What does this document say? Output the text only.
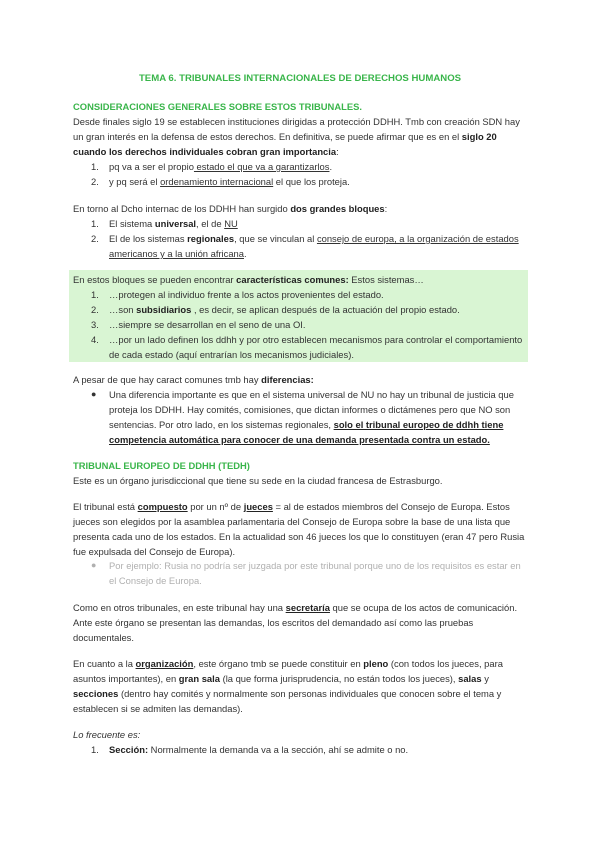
TEMA 6. TRIBUNALES INTERNACIONALES DE DERECHOS HUMANOS
CONSIDERACIONES GENERALES SOBRE ESTOS TRIBUNALES.
Desde finales siglo 19 se establecen instituciones dirigidas a protección DDHH. Tmb con creación SDN hay un gran interés en la defensa de estos derechos. En definitiva, se puede afirmar que es en el siglo 20 cuando los derechos individuales cobran gran importancia:
1.	pq va a ser el propio estado el que va a garantizarlos.
2.	y pq será el ordenamiento internacional el que los proteja.
En torno al Dcho internac de los DDHH han surgido dos grandes bloques:
1.	El sistema universal, el de NU
2.	El de los sistemas regionales, que se vinculan al consejo de europa, a la organización de estados americanos y a la unión africana.
En estos bloques se pueden encontrar características comunes: Estos sistemas…
1.	…protegen al individuo frente a los actos provenientes del estado.
2.	…son subsidiarios , es decir, se aplican después de la actuación del propio estado.
3.	…siempre se desarrollan en el seno de una OI.
4.	…por un lado definen los ddhh y por otro establecen mecanismos para controlar el comportamiento de cada estado (aquí entrarían los mecanismos judiciales).
A pesar de que hay caract comunes tmb hay diferencias:
●	Una diferencia importante es que en el sistema universal de NU no hay un tribunal de justicia que proteja los DDHH. Hay comités, comisiones, que dictan informes o dictámenes pero que NO son sentencias. Por otro lado, en los sistemas regionales, solo el tribunal europeo de ddhh tiene competencia automática para conocer de una demanda presentada contra un estado.
TRIBUNAL EUROPEO DE DDHH (TEDH)
Este es un órgano jurisdiccional que tiene su sede en la ciudad francesa de Estrasburgo.
El tribunal está compuesto por un nº de jueces = al de estados miembros del Consejo de Europa. Estos jueces son elegidos por la asamblea parlamentaria del Consejo de Europa sobre la base de una lista que presenta cada uno de los estados. En la actualidad son 46 jueces los que lo constituyen (eran 47 pero Rusia fue expulsada del Consejo de Europa).
●	Por ejemplo: Rusia no podría ser juzgada por este tribunal porque uno de los requisitos es estar en el Consejo de Europa.
Como en otros tribunales, en este tribunal hay una secretaría que se ocupa de los actos de comunicación. Ante este órgano se presentan las demandas, los escritos del demandado así como las pruebas documentales.
En cuanto a la organización, este órgano tmb se puede constituir en pleno (con todos los jueces, para asuntos importantes), en gran sala (la que forma jurisprudencia, no están todos los jueces), salas y secciones (dentro hay comités y normalmente son personas individuales que conocen sobre el tema y establecen si se admiten las demandas).
Lo frecuente es:
1.	Sección: Normalmente la demanda va a la sección, ahí se admite o no.
